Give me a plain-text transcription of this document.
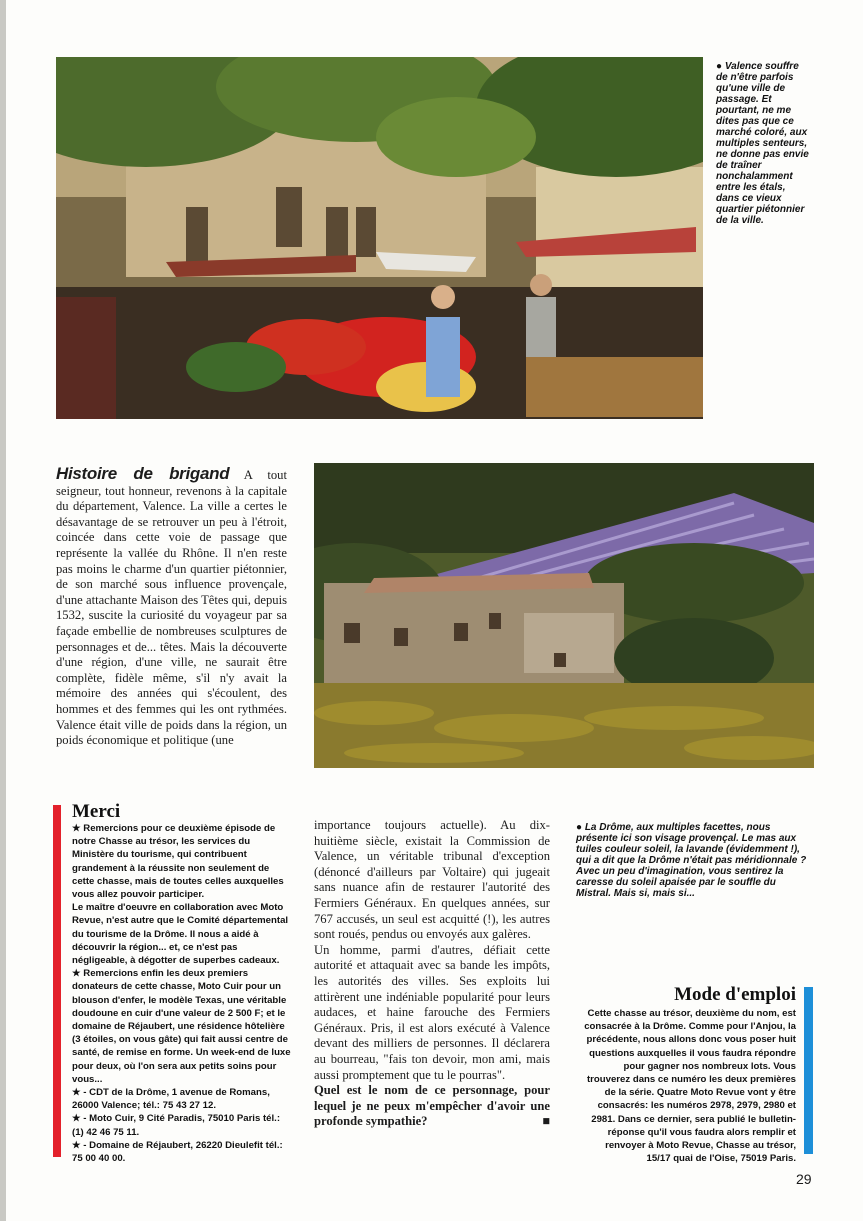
● Valence souffre de n'être parfois qu'une ville de passage. Et pourtant, ne me dites pas que ce marché coloré, aux multiples senteurs, ne donne pas envie de traîner nonchalamment entre les étals, dans ce vieux quartier piétonnier de la ville.

Histoire de brigand A tout seigneur, tout honneur, revenons à la capitale du département, Valence. La ville a certes le désavantage de se retrouver un peu à l'étroit, coincée dans cette voie de passage que représente la vallée du Rhône. Il n'en reste pas moins le charme d'un quartier piétonnier, de son marché sous influence provençale, d'une attachante Maison des Têtes qui, depuis 1532, suscite la curiosité du voyageur par sa façade embellie de nombreuses sculptures de personnages et de... têtes. Mais la découverte d'une région, d'une ville, ne saurait être complète, fidèle même, s'il n'y avait la mémoire des années qui s'écoulent, des hommes et des femmes qui les ont rythmées. Valence était ville de poids dans la région, un poids économique et politique (une

Merci

★ Remercions pour ce deuxième épisode de notre Chasse au trésor, les services du Ministère du tourisme, qui contribuent grandement à la réussite non seulement de cette chasse, mais de toutes celles auxquelles vous allez pouvoir participer.

Le maître d'oeuvre en collaboration avec Moto Revue, n'est autre que le Comité départemental du tourisme de la Drôme. Il nous a aidé à découvrir la région... et, ce n'est pas négligeable, à dégotter de superbes cadeaux.

★ Remercions enfin les deux premiers donateurs de cette chasse, Moto Cuir pour un blouson d'enfer, le modèle Texas, une véritable doudoune en cuir d'une valeur de 2 500 F; et le domaine de Réjaubert, une résidence hôtelière (3 étoiles, on vous gâte) qui fait aussi centre de santé, de remise en forme. Un week-end de luxe pour deux, où l'on sera aux petits soins pour vous...

★ - CDT de la Drôme, 1 avenue de Romans, 26000 Valence; tél.: 75 43 27 12.

★ - Moto Cuir, 9 Cité Paradis, 75010 Paris tél.: (1) 42 46 75 11.

★ - Domaine de Réjaubert, 26220 Dieulefit tél.: 75 00 40 00.

importance toujours actuelle). Au dix-huitième siècle, existait la Commission de Valence, un véritable tribunal d'exception (dénoncé d'ailleurs par Voltaire) qui jugeait sans nuance afin de restaurer l'autorité des Fermiers Généraux. En quelques années, sur 767 accusés, un seul est acquitté (!), les autres sont roués, pendus ou envoyés aux galères.

Un homme, parmi d'autres, défiait cette autorité et attaquait avec sa bande les impôts, les autorités des villes. Ses exploits lui attirèrent une indéniable popularité pour leurs audaces, et haine farouche des Fermiers Généraux. Pris, il est alors exécuté à Valence devant des milliers de personnes. Il déclarera au bourreau, "fais ton devoir, mon ami, mais aussi promptement que tu le pourras".

Quel est le nom de ce personnage, pour lequel je ne peux m'empêcher d'avoir une profonde sympathie?	■

● La Drôme, aux multiples facettes, nous présente ici son visage provençal. Le mas aux tuiles couleur soleil, la lavande (évidemment !), qui a dit que la Drôme n'était pas méridionnale ? Avec un peu d'imagination, vous sentirez la caresse du soleil apaisée par le souffle du Mistral. Mais si, mais si...
Mode d'emploi

Cette chasse au trésor, deuxième du nom, est consacrée à la Drôme. Comme pour l'Anjou, la précédente, nous allons donc vous poser huit questions auxquelles il vous faudra répondre pour gagner nos nombreux lots. Vous trouverez dans ce numéro les deux premières de la série. Quatre Moto Revue vont y être consacrés: les numéros 2978, 2979, 2980 et 2981. Dans ce dernier, sera publié le bulletin-réponse qu'il vous faudra alors remplir et renvoyer à Moto Revue, Chasse au trésor, 15/17 quai de l'Oise, 75019 Paris.

29
